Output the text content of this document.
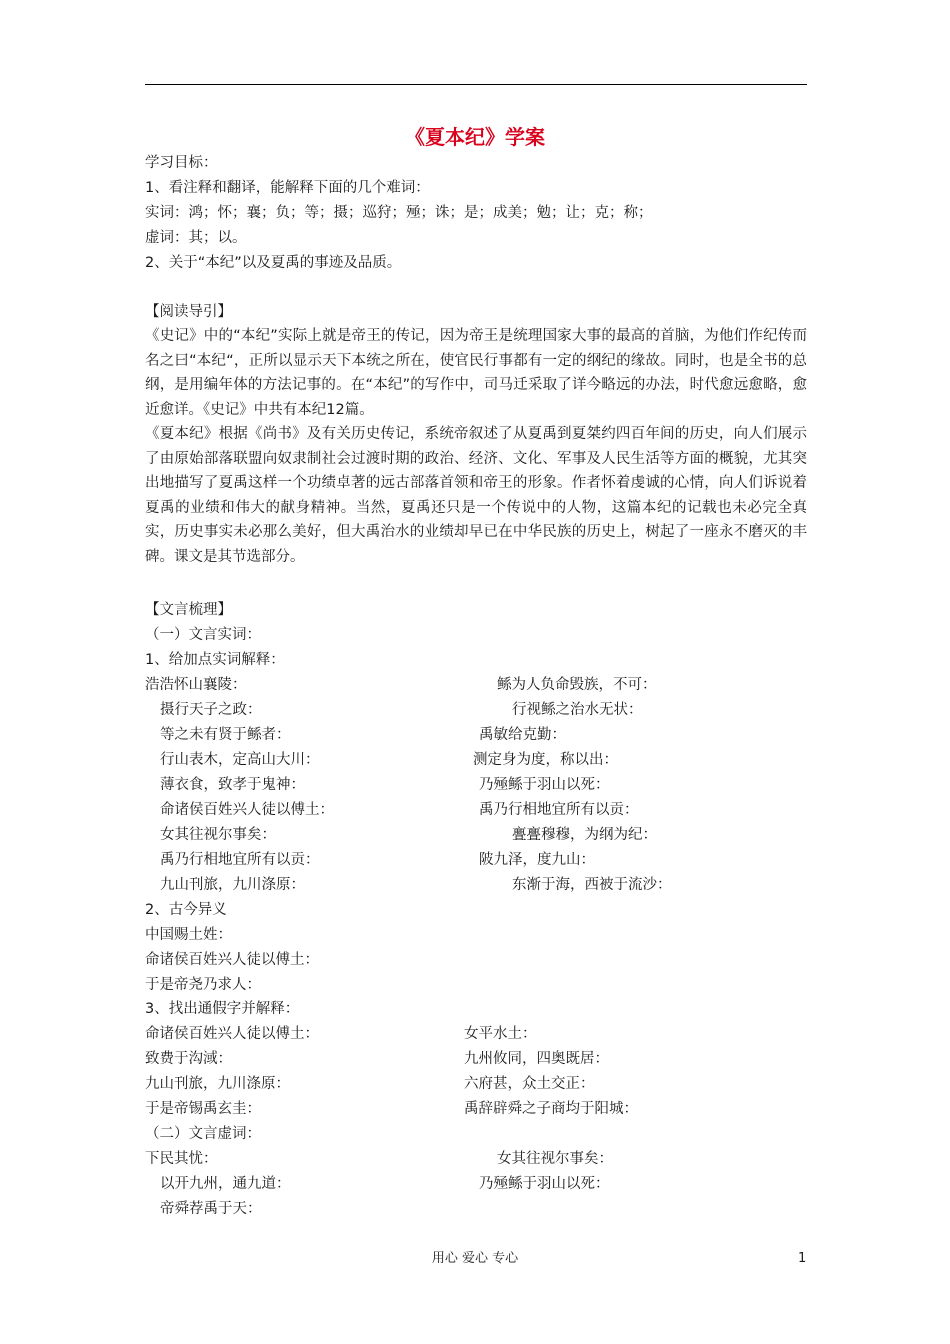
《夏本纪》学案
学习目标：
1、看注释和翻译，能解释下面的几个难词：
实词：鸿；怀；襄；负；等；摄；巡狩；殛；诛；是；成美；勉；让；克；称；
虚词：其；以。
2、关于“本纪”以及夏禹的事迹及品质。
【阅读导引】

《史记》中的“本纪”实际上就是帝王的传记，因为帝王是统理国家大事的最高的首脑，为他们作纪传而名之曰“本纪“，正所以显示天下本统之所在，使官民行事都有一定的纲纪的缘故。同时，也是全书的总纲，是用编年体的方法记事的。在“本纪”的写作中，司马迁采取了详今略远的办法，时代愈远愈略，愈近愈详。《史记》中共有本纪12篇。

《夏本纪》根据《尚书》及有关历史传记，系统帝叙述了从夏禹到夏桀约四百年间的历史，向人们展示了由原始部落联盟向奴隶制社会过渡时期的政治、经济、文化、军事及人民生活等方面的概貌，尤其突出地描写了夏禹这样一个功绩卓著的远古部落首领和帝王的形象。作者怀着虔诚的心情，向人们诉说着夏禹的业绩和伟大的献身精神。当然，夏禹还只是一个传说中的人物，这篇本纪的记载也未必完全真实，历史事实未必那么美好，但大禹治水的业绩却早已在中华民族的历史上，树起了一座永不磨灭的丰碑。课文是其节选部分。

【文言梳理】
（一）文言实词：
1、给加点实词解释：
浩浩怀山襄陵：	鲧为人负命毁族，不可：
摄行天子之政：	行视鲧之治水无状：
等之未有贤于鲧者：	禹敏给克勤：
行山表木，定高山大川：	测定身为度，称以出：
薄衣食，致孝于鬼神：	乃殛鲧于羽山以死：
命诸侯百姓兴人徒以傅土：	禹乃行相地宜所有以贡：
女其往视尔事矣：	亹亹穆穆，为纲为纪：
禹乃行相地宜所有以贡：	陂九泽，度九山：
九山刊旅，九川涤原：	东渐于海，西被于流沙：
2、古今异义
中国赐土姓：
命诸侯百姓兴人徒以傅土：
于是帝尧乃求人：
3、找出通假字并解释：
命诸侯百姓兴人徒以傅土：	女平水土：
致费于沟淢：	九州攸同，四奥既居：
九山刊旅，九川涤原：	六府甚，众土交正：
于是帝锡禹玄圭：	禹辞辟舜之子商均于阳城：
（二）文言虚词：
下民其忧：	女其往视尔事矣：
以开九州，通九道：	乃殛鲧于羽山以死：
帝舜荐禹于天：
用心 爱心 专心	1
